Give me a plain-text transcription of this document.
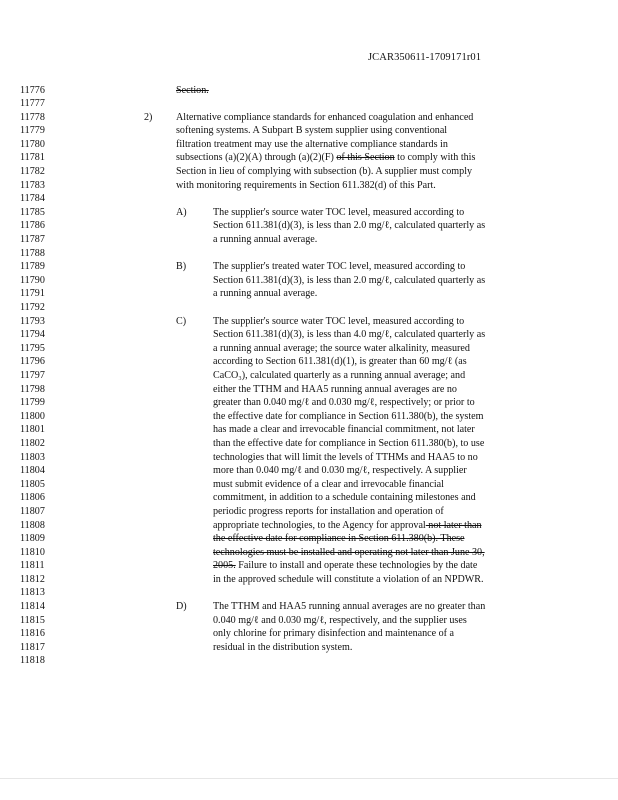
JCAR350611-1709171r01
11776
11777
11778
11779
11780
11781
11782
11783
11784
11785
11786
11787
11788
11789
11790
11791
11792
11793
11794
11795
11796
11797
11798
11799
11800
11801
11802
11803
11804
11805
11806
11807
11808
11809
11810
11811
11812
11813
11814
11815
11816
11817
11818
Section.
2) Alternative compliance standards for enhanced coagulation and enhanced
softening systems. A Subpart B system supplier using conventional
filtration treatment may use the alternative compliance standards in
subsections (a)(2)(A) through (a)(2)(F) of this Section to comply with this
Section in lieu of complying with subsection (b). A supplier must comply
with monitoring requirements in Section 611.382(d) of this Part.
A)	The supplier's source water TOC level, measured according to
Section 611.381(d)(3), is less than 2.0 mg/ℓ, calculated quarterly as
a running annual average.
B)	The supplier's treated water TOC level, measured according to
Section 611.381(d)(3), is less than 2.0 mg/ℓ, calculated quarterly as
a running annual average.
C)	The supplier's source water TOC level, measured according to
Section 611.381(d)(3), is less than 4.0 mg/ℓ, calculated quarterly as
a running annual average; the source water alkalinity, measured
according to Section 611.381(d)(1), is greater than 60 mg/ℓ (as
CaCO₃), calculated quarterly as a running annual average; and
either the TTHM and HAA5 running annual averages are no
greater than 0.040 mg/ℓ and 0.030 mg/ℓ, respectively; or prior to
the effective date for compliance in Section 611.380(b), the system
has made a clear and irrevocable financial commitment, not later
than the effective date for compliance in Section 611.380(b), to use
technologies that will limit the levels of TTHMs and HAA5 to no
more than 0.040 mg/ℓ and 0.030 mg/ℓ, respectively. A supplier
must submit evidence of a clear and irrevocable financial
commitment, in addition to a schedule containing milestones and
periodic progress reports for installation and operation of
appropriate technologies, to the Agency for approval not later than
the effective date for compliance in Section 611.380(b). These
technologies must be installed and operating not later than June 30,
2005. Failure to install and operate these technologies by the date
in the approved schedule will constitute a violation of an NPDWR.
D)	The TTHM and HAA5 running annual averages are no greater than
0.040 mg/ℓ and 0.030 mg/ℓ, respectively, and the supplier uses
only chlorine for primary disinfection and maintenance of a
residual in the distribution system.
